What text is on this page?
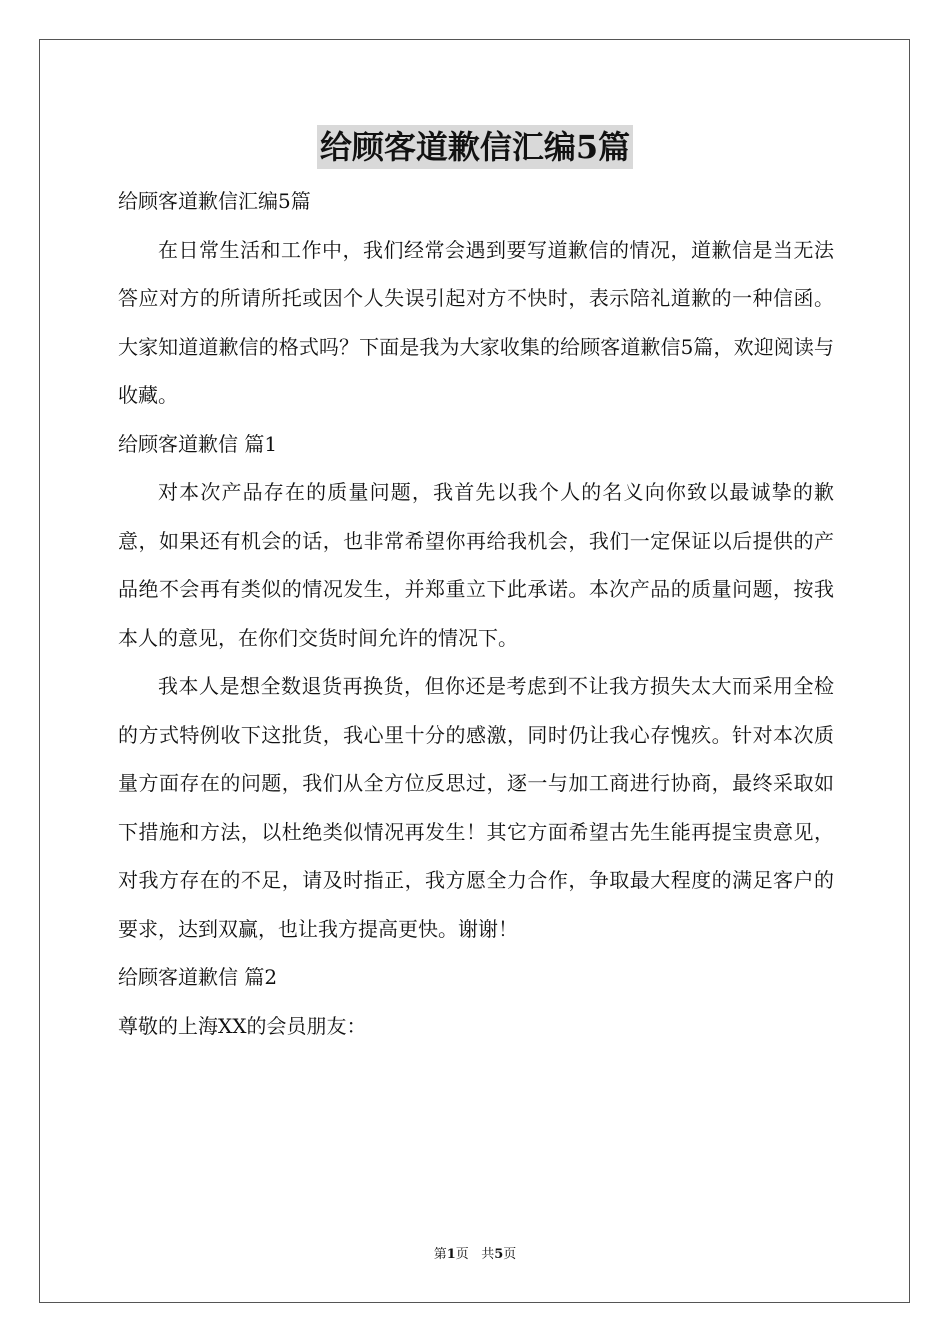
给顾客道歉信汇编5篇

给顾客道歉信汇编5篇

在日常生活和工作中，我们经常会遇到要写道歉信的情况，道歉信是当无法答应对方的所请所托或因个人失误引起对方不快时，表示陪礼道歉的一种信函。大家知道道歉信的格式吗？下面是我为大家收集的给顾客道歉信5篇，欢迎阅读与收藏。

给顾客道歉信 篇1

对本次产品存在的质量问题，我首先以我个人的名义向你致以最诚挚的歉意，如果还有机会的话，也非常希望你再给我机会，我们一定保证以后提供的产品绝不会再有类似的情况发生，并郑重立下此承诺。本次产品的质量问题，按我本人的意见，在你们交货时间允许的情况下。

我本人是想全数退货再换货，但你还是考虑到不让我方损失太大而采用全检的方式特例收下这批货，我心里十分的感激，同时仍让我心存愧疚。针对本次质量方面存在的问题，我们从全方位反思过，逐一与加工商进行协商，最终采取如下措施和方法，以杜绝类似情况再发生！其它方面希望古先生能再提宝贵意见，对我方存在的不足，请及时指正，我方愿全力合作，争取最大程度的满足客户的要求，达到双赢，也让我方提高更快。谢谢！

给顾客道歉信 篇2

尊敬的上海XX的会员朋友：

第1页 共5页
